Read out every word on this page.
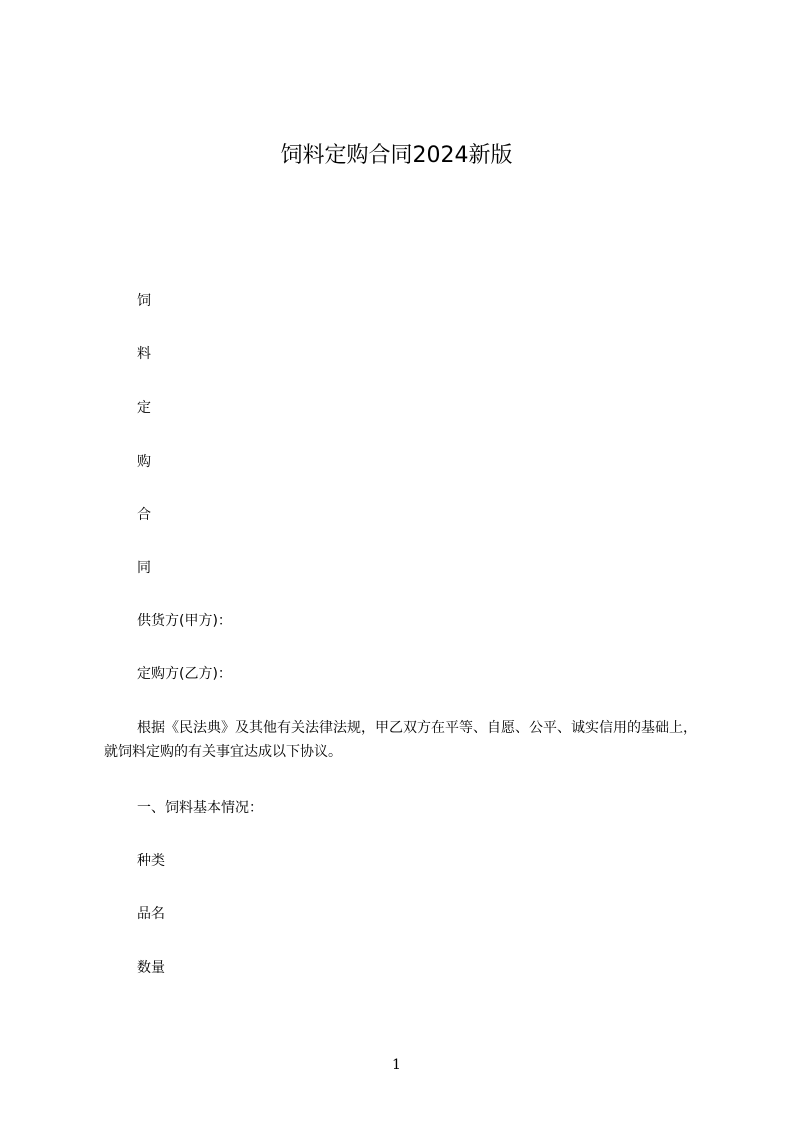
饲料定购合同2024新版

饲

料

定

购

合

同

供货方(甲方)：

定购方(乙方)：

根据《民法典》及其他有关法律法规，甲乙双方在平等、自愿、公平、诚实信用的基础上，就饲料定购的有关事宜达成以下协议。

一、饲料基本情况：

种类

品名

数量

1
